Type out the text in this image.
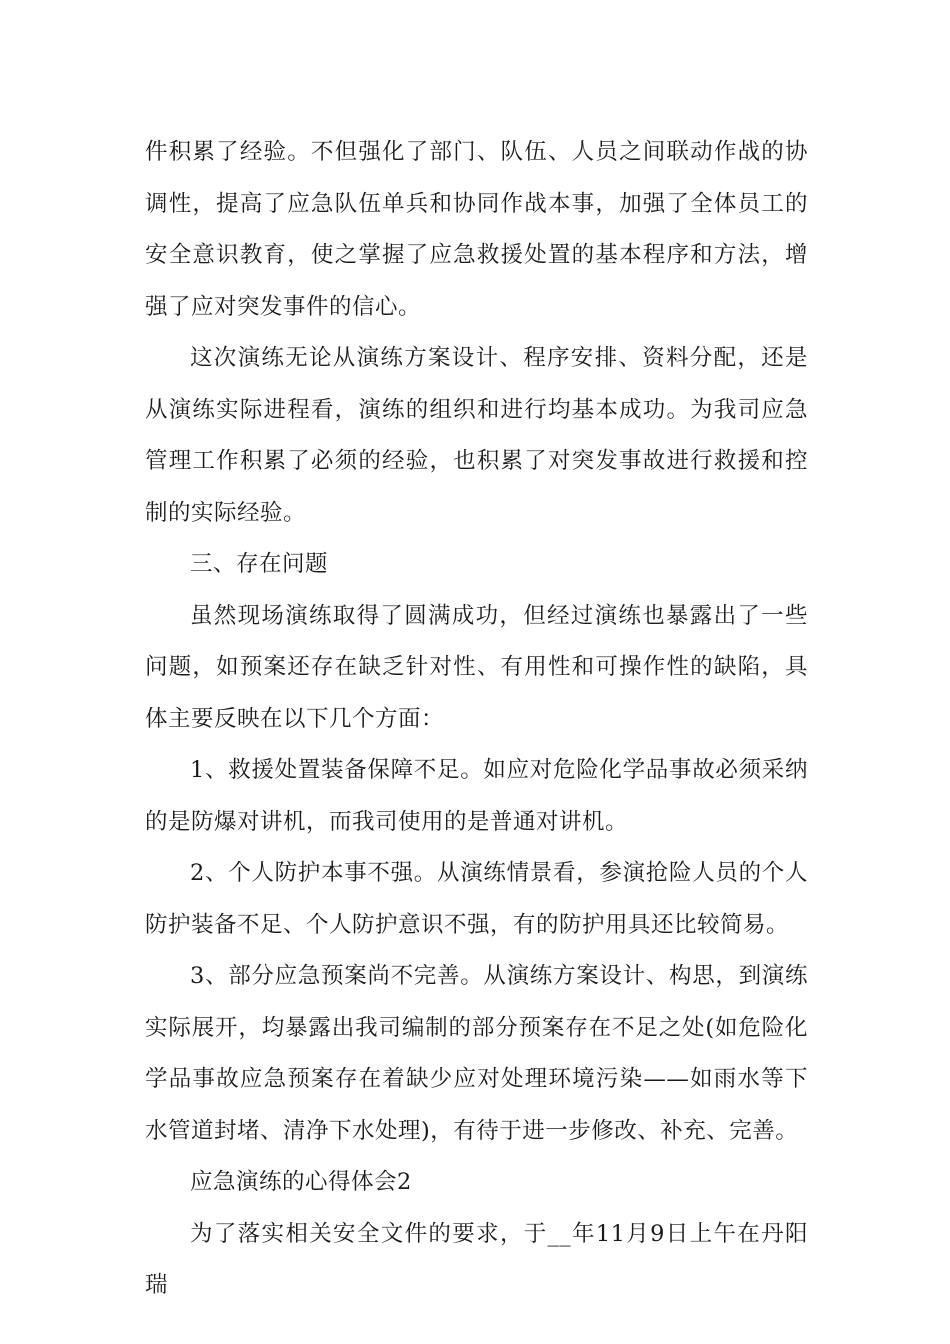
件积累了经验。不但强化了部门、队伍、人员之间联动作战的协调性，提高了应急队伍单兵和协同作战本事，加强了全体员工的安全意识教育，使之掌握了应急救援处置的基本程序和方法，增强了应对突发事件的信心。

这次演练无论从演练方案设计、程序安排、资料分配，还是从演练实际进程看，演练的组织和进行均基本成功。为我司应急管理工作积累了必须的经验，也积累了对突发事故进行救援和控制的实际经验。

三、存在问题

虽然现场演练取得了圆满成功，但经过演练也暴露出了一些问题，如预案还存在缺乏针对性、有用性和可操作性的缺陷，具体主要反映在以下几个方面：

1、救援处置装备保障不足。如应对危险化学品事故必须采纳的是防爆对讲机，而我司使用的是普通对讲机。

2、个人防护本事不强。从演练情景看，参演抢险人员的个人防护装备不足、个人防护意识不强，有的防护用具还比较简易。

3、部分应急预案尚不完善。从演练方案设计、构思，到演练实际展开，均暴露出我司编制的部分预案存在不足之处(如危险化学品事故应急预案存在着缺少应对处理环境污染——如雨水等下水管道封堵、清净下水处理)，有待于进一步修改、补充、完善。

应急演练的心得体会2

为了落实相关安全文件的要求，于__年11月9日上午在丹阳瑞
